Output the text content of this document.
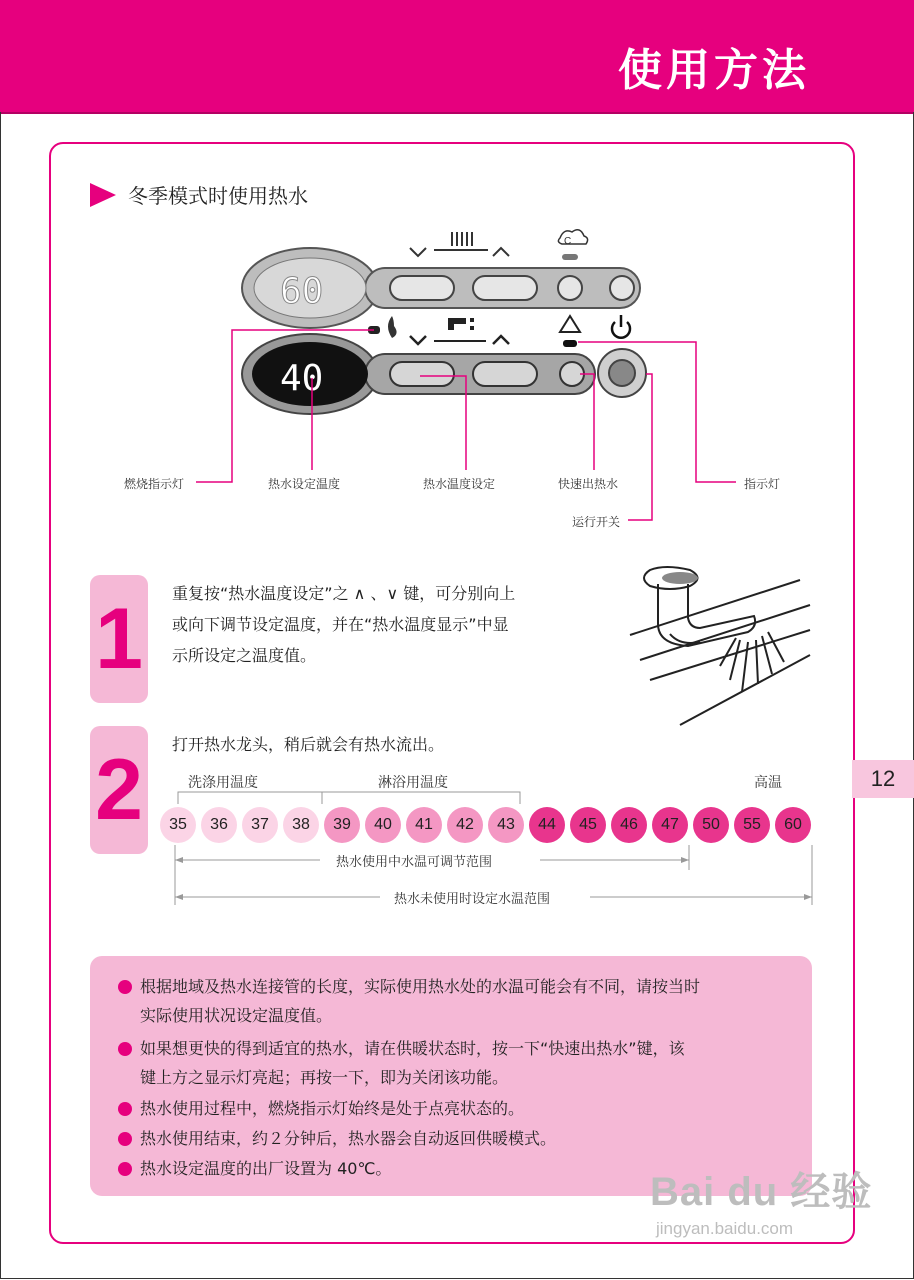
使用方法
冬季模式时使用热水
C
60
40
燃烧指示灯	热水设定温度	热水温度设定	快速出热水	指示灯
运行开关
1	重复按“热水温度设定”之 ∧ 、∨ 键，可分别向上
或向下调节设定温度，并在“热水温度显示”中显
示所设定之温度值。
2	打开热水龙头，稍后就会有热水流出。
洗涤用温度	淋浴用温度	高温
35	36	37	38	39	40	41	42	43	44	45	46	47	50	55	60
热水使用中水温可调节范围
热水未使用时设定水温范围
根据地域及热水连接管的长度，实际使用热水处的水温可能会有不同，请按当时
实际使用状况设定温度值。
如果想更快的得到适宜的热水，请在供暖状态时，按一下“快速出热水”键，该
键上方之显示灯亮起；再按一下，即为关闭该功能。
热水使用过程中，燃烧指示灯始终是处于点亮状态的。
热水使用结束，约２分钟后，热水器会自动返回供暖模式。
热水设定温度的出厂设置为 40℃。
12
Bai du 经验
jingyan.baidu.com
